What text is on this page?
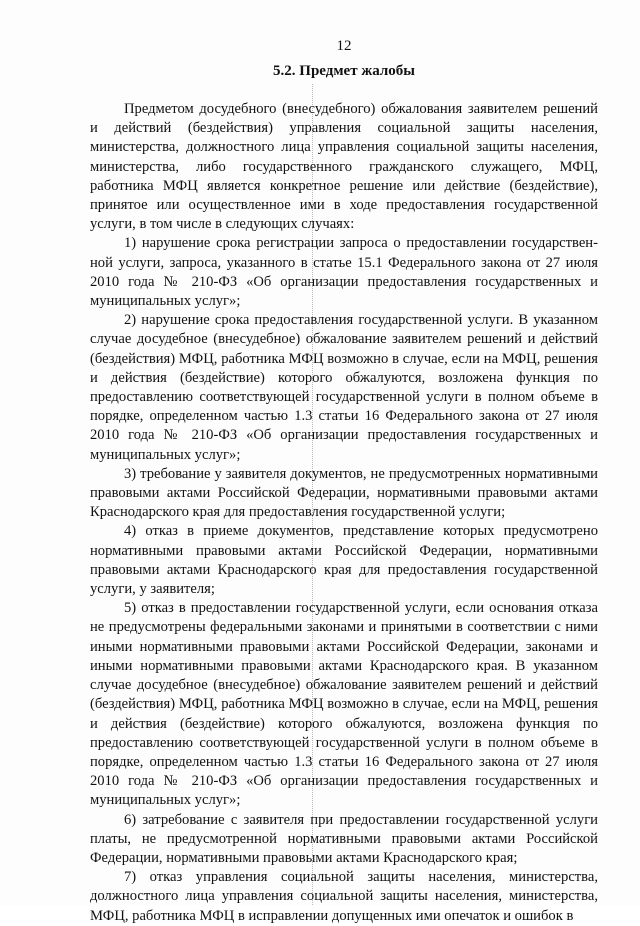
12
5.2. Предмет жалобы

Предметом досудебного (внесудебного) обжалования заявителем решений и действий (бездействия) управления социальной защиты населения, министерства, должностного лица управления социальной защиты населения, министерства, либо государственного гражданского служащего, МФЦ, работника МФЦ является конкретное решение или действие (бездействие), принятое или осуществленное ими в ходе предоставления государственной услуги, в том числе в следующих случаях:

1) нарушение срока регистрации запроса о предоставлении государственной услуги, запроса, указанного в статье 15.1 Федерального закона от 27 июля 2010 года № 210-ФЗ «Об организации предоставления государственных и муниципальных услуг»;

2) нарушение срока предоставления государственной услуги. В указанном случае досудебное (внесудебное) обжалование заявителем решений и действий (бездействия) МФЦ, работника МФЦ возможно в случае, если на МФЦ, решения и действия (бездействие) которого обжалуются, возложена функция по предоставлению соответствующей государственной услуги в полном объеме в порядке, определенном частью 1.3 статьи 16 Федерального закона от 27 июля 2010 года № 210-ФЗ «Об организации предоставления государственных и муниципальных услуг»;

3) требование у заявителя документов, не предусмотренных нормативными правовыми актами Российской Федерации, нормативными правовыми актами Краснодарского края для предоставления государственной услуги;

4) отказ в приеме документов, представление которых предусмотрено нормативными правовыми актами Российской Федерации, нормативными правовыми актами Краснодарского края для предоставления государственной услуги, у заявителя;

5) отказ в предоставлении государственной услуги, если основания отказа не предусмотрены федеральными законами и принятыми в соответствии с ними иными нормативными правовыми актами Российской Федерации, законами и иными нормативными правовыми актами Краснодарского края. В указанном случае досудебное (внесудебное) обжалование заявителем решений и действий (бездействия) МФЦ, работника МФЦ возможно в случае, если на МФЦ, решения и действия (бездействие) которого обжалуются, возложена функция по предоставлению соответствующей государственной услуги в полном объеме в порядке, определенном частью 1.3 статьи 16 Федерального закона от 27 июля 2010 года № 210-ФЗ «Об организации предоставления государственных и муниципальных услуг»;

6) затребование с заявителя при предоставлении государственной услуги платы, не предусмотренной нормативными правовыми актами Российской Федерации, нормативными правовыми актами Краснодарского края;

7) отказ управления социальной защиты населения, министерства, должностного лица управления социальной защиты населения, министерства, МФЦ, работника МФЦ в исправлении допущенных ими опечаток и ошибок в
